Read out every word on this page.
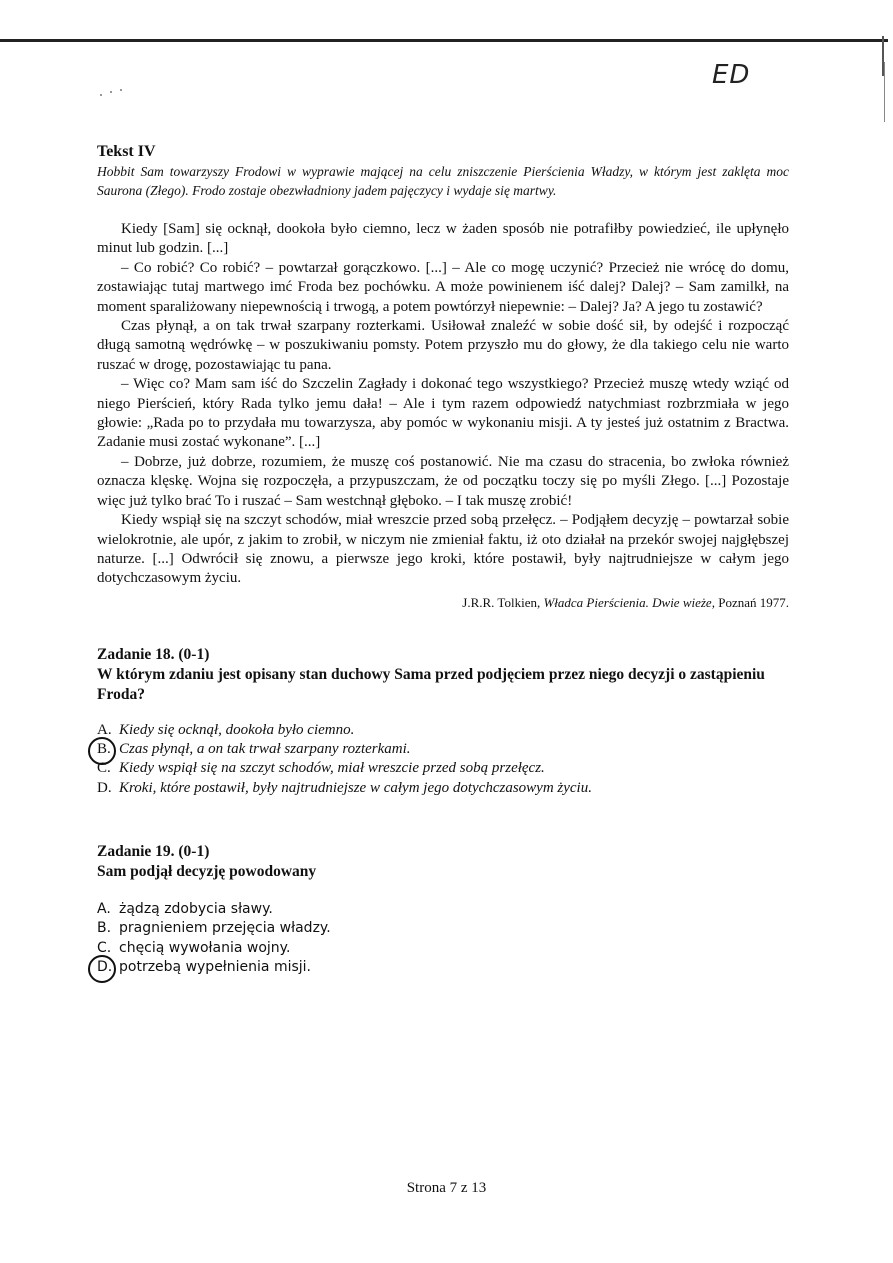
ED
Tekst IV
Hobbit Sam towarzyszy Frodowi w wyprawie mającej na celu zniszczenie Pierścienia Władzy, w którym jest zaklęta moc Saurona (Złego). Frodo zostaje obezwładniony jadem pajęczycy i wydaje się martwy.

Kiedy [Sam] się ocknął, dookoła było ciemno, lecz w żaden sposób nie potrafiłby powiedzieć, ile upłynęło minut lub godzin. [...]

– Co robić? Co robić? – powtarzał gorączkowo. [...] – Ale co mogę uczynić? Przecież nie wrócę do domu, zostawiając tutaj martwego imć Froda bez pochówku. A może powinienem iść dalej? Dalej? – Sam zamilkł, na moment sparaliżowany niepewnością i trwogą, a potem powtórzył niepewnie: – Dalej? Ja? A jego tu zostawić?

Czas płynął, a on tak trwał szarpany rozterkami. Usiłował znaleźć w sobie dość sił, by odejść i rozpocząć długą samotną wędrówkę – w poszukiwaniu pomsty. Potem przyszło mu do głowy, że dla takiego celu nie warto ruszać w drogę, pozostawiając tu pana.

– Więc co? Mam sam iść do Szczelin Zagłady i dokonać tego wszystkiego? Przecież muszę wtedy wziąć od niego Pierścień, który Rada tylko jemu dała! – Ale i tym razem odpowiedź natychmiast rozbrzmiała w jego głowie: „Rada po to przydała mu towarzysza, aby pomóc w wykonaniu misji. A ty jesteś już ostatnim z Bractwa. Zadanie musi zostać wykonane”. [...]

– Dobrze, już dobrze, rozumiem, że muszę coś postanowić. Nie ma czasu do stracenia, bo zwłoka również oznacza klęskę. Wojna się rozpoczęła, a przypuszczam, że od początku toczy się po myśli Złego. [...] Pozostaje więc już tylko brać To i ruszać – Sam westchnął głęboko. – I tak muszę zrobić!

Kiedy wspiął się na szczyt schodów, miał wreszcie przed sobą przełęcz. – Podjąłem decyzję – powtarzał sobie wielokrotnie, ale upór, z jakim to zrobił, w niczym nie zmieniał faktu, iż oto działał na przekór swojej najgłębszej naturze. [...] Odwrócił się znowu, a pierwsze jego kroki, które postawił, były najtrudniejsze w całym jego dotychczasowym życiu.

J.R.R. Tolkien, Władca Pierścienia. Dwie wieże, Poznań 1977.
Zadanie 18. (0-1)
W którym zdaniu jest opisany stan duchowy Sama przed podjęciem przez niego decyzji o zastąpieniu Froda?
A. Kiedy się ocknął, dookoła było ciemno.
B. Czas płynął, a on tak trwał szarpany rozterkami.
C. Kiedy wspiął się na szczyt schodów, miał wreszcie przed sobą przełęcz.
D. Kroki, które postawił, były najtrudniejsze w całym jego dotychczasowym życiu.
Zadanie 19. (0-1)
Sam podjął decyzję powodowany
A. żądzą zdobycia sławy.
B. pragnieniem przejęcia władzy.
C. chęcią wywołania wojny.
D. potrzebą wypełnienia misji.
Strona 7 z 13
